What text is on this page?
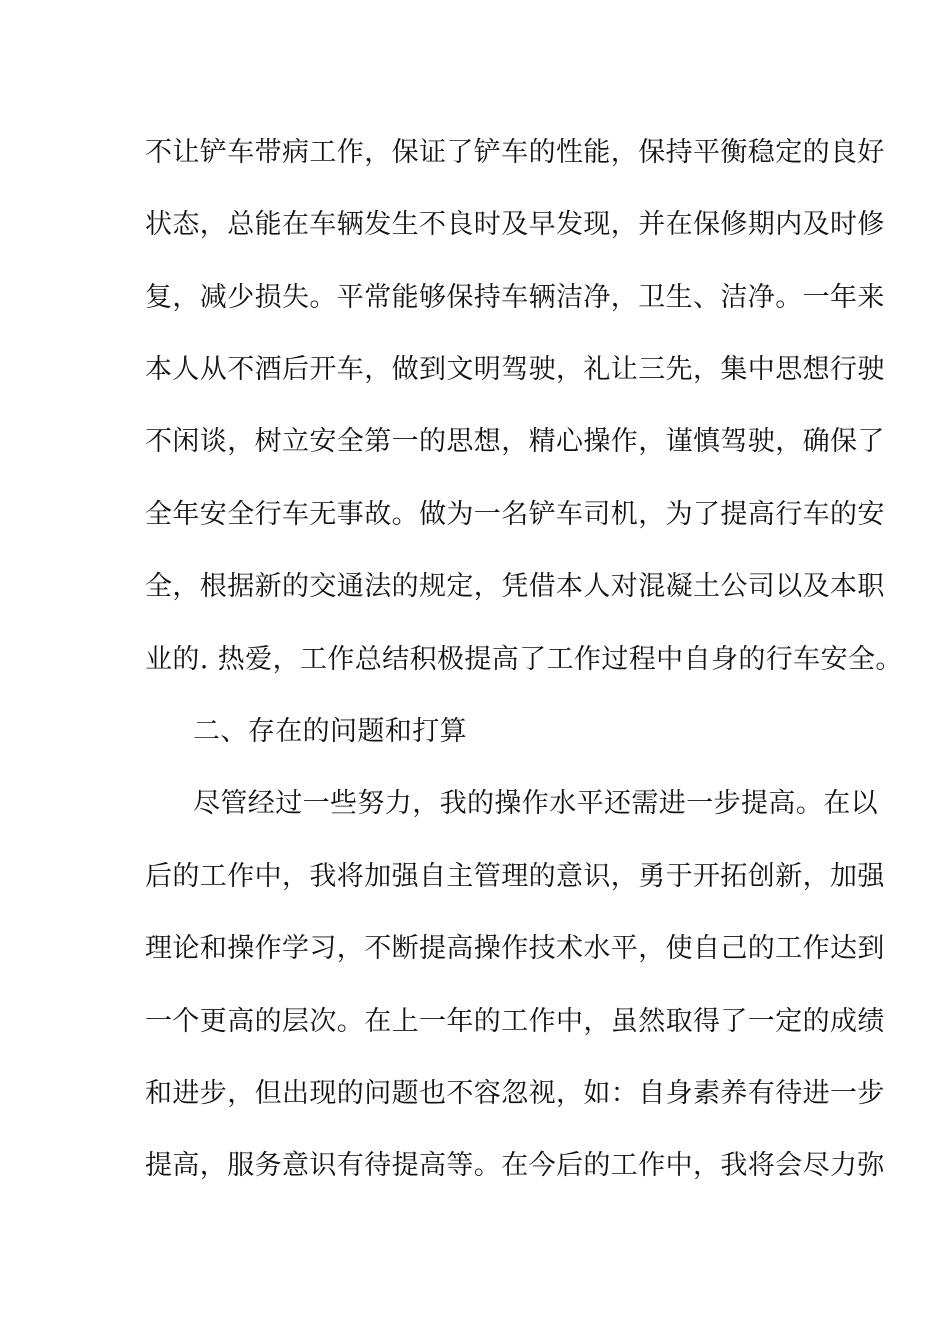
不让铲车带病工作，保证了铲车的性能，保持平衡稳定的良好
状态，总能在车辆发生不良时及早发现，并在保修期内及时修
复，减少损失。平常能够保持车辆洁净，卫生、洁净。一年来
本人从不酒后开车，做到文明驾驶，礼让三先，集中思想行驶
不闲谈，树立安全第一的思想，精心操作，谨慎驾驶，确保了
全年安全行车无事故。做为一名铲车司机，为了提高行车的安
全，根据新的交通法的规定，凭借本人对混凝土公司以及本职
业的. 热爱，工作总结积极提高了工作过程中自身的行车安全。
二、存在的问题和打算
尽管经过一些努力，我的操作水平还需进一步提高。在以
后的工作中，我将加强自主管理的意识，勇于开拓创新，加强
理论和操作学习，不断提高操作技术水平，使自己的工作达到
一个更高的层次。在上一年的工作中，虽然取得了一定的成绩
和进步，但出现的问题也不容忽视，如：自身素养有待进一步
提高，服务意识有待提高等。在今后的工作中，我将会尽力弥
